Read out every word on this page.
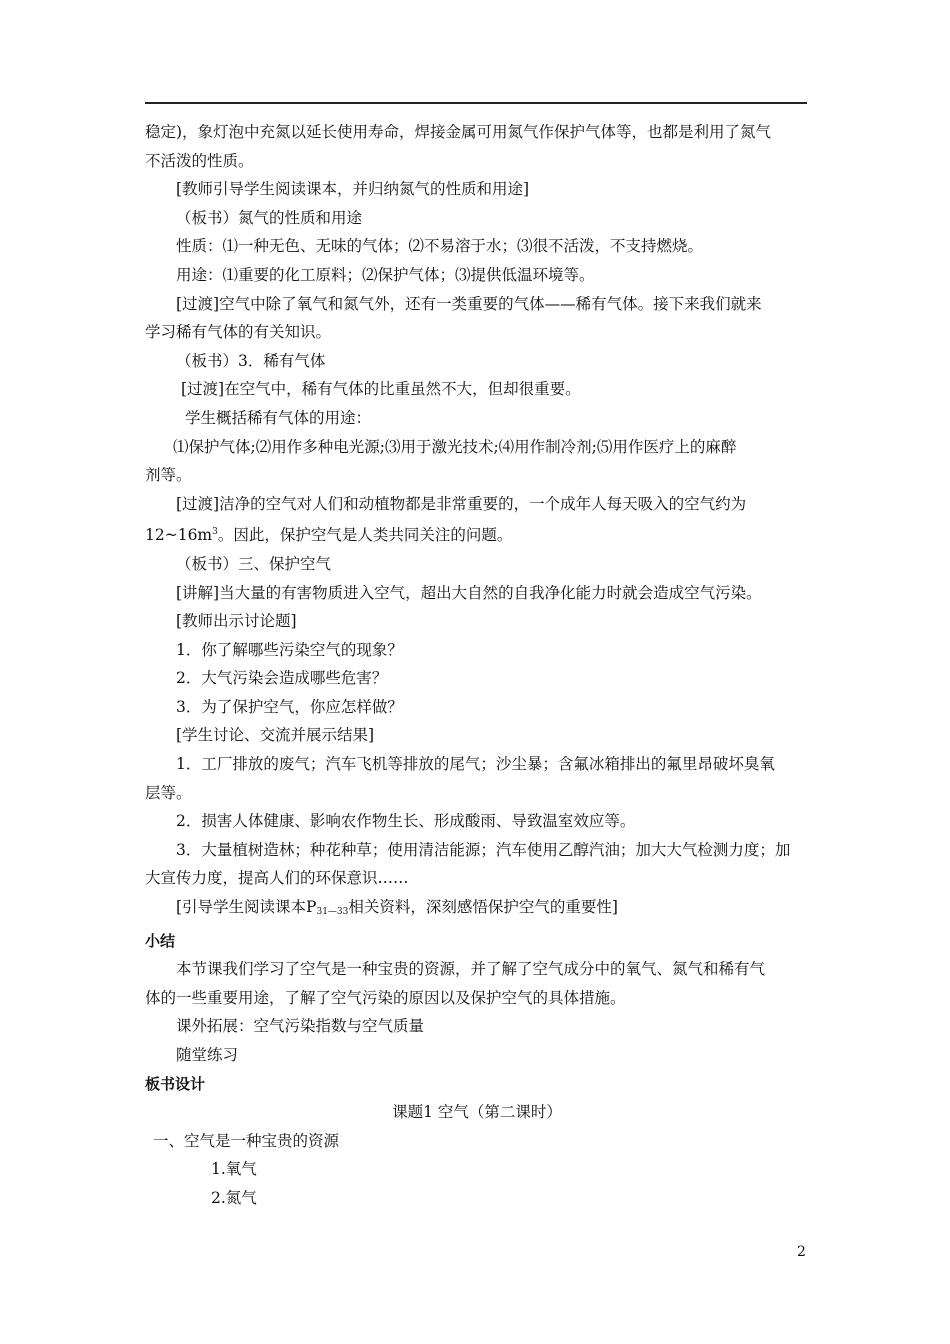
稳定)，象灯泡中充氮以延长使用寿命，焊接金属可用氮气作保护气体等，也都是利用了氮气

不活泼的性质。

[教师引导学生阅读课本，并归纳氮气的性质和用途]

（板书）氮气的性质和用途

性质：⑴一种无色、无味的气体；⑵不易溶于水；⑶很不活泼，不支持燃烧。

用途：⑴重要的化工原料；⑵保护气体；⑶提供低温环境等。

[过渡]空气中除了氧气和氮气外，还有一类重要的气体——稀有气体。接下来我们就来

学习稀有气体的有关知识。

（板书）3．稀有气体

[过渡]在空气中，稀有气体的比重虽然不大，但却很重要。

学生概括稀有气体的用途：

⑴保护气体;⑵用作多种电光源;⑶用于激光技术;⑷用作制冷剂;⑸用作医疗上的麻醉

剂等。

[过渡]洁净的空气对人们和动植物都是非常重要的，一个成年人每天吸入的空气约为

$12\sim 16m^3$。因此，保护空气是人类共同关注的问题。

（板书）三、保护空气

[讲解]当大量的有害物质进入空气，超出大自然的自我净化能力时就会造成空气污染。

[教师出示讨论题]

1．你了解哪些污染空气的现象？

2．大气污染会造成哪些危害？

3．为了保护空气，你应怎样做？

[学生讨论、交流并展示结果]

1．工厂排放的废气；汽车飞机等排放的尾气；沙尘暴；含氟冰箱排出的氟里昂破坏臭氧

层等。

2．损害人体健康、影响农作物生长、形成酸雨、导致温室效应等。

3．大量植树造林；种花种草；使用清洁能源；汽车使用乙醇汽油；加大大气检测力度；加

大宣传力度，提高人们的环保意识……

[引导学生阅读课本$P_{31—33}$相关资料，深刻感悟保护空气的重要性]

小结

本节课我们学习了空气是一种宝贵的资源，并了解了空气成分中的氧气、氮气和稀有气

体的一些重要用途，了解了空气污染的原因以及保护空气的具体措施。

课外拓展：空气污染指数与空气质量

随堂练习

板书设计

课题1 空气（第二课时）

一、空气是一种宝贵的资源

1.氧气

2.氮气

2
